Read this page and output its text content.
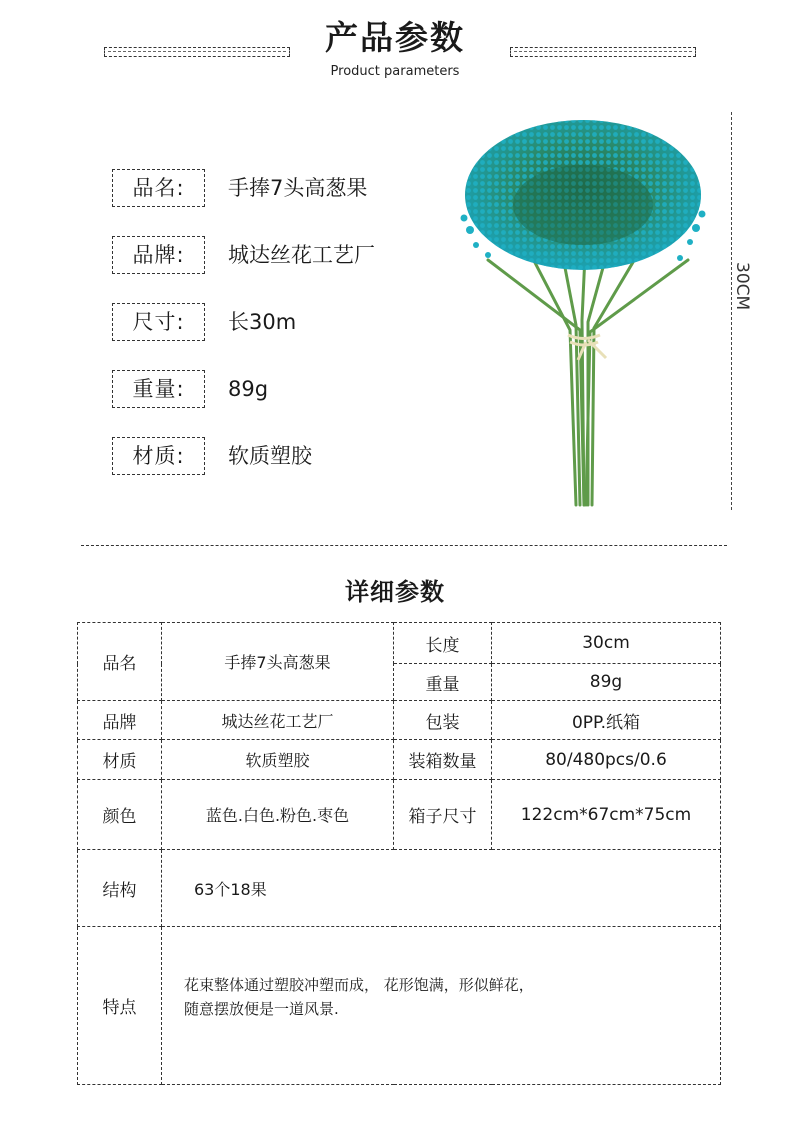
产品参数
Product parameters
品名:	手捧7头高葱果
品牌:	城达丝花工艺厂
尺寸:	长30m
重量:	89g
材质:	软质塑胶
30CM
详细参数
品名	手捧7头高葱果	长度	30cm
		重量	89g
品牌	城达丝花工艺厂	包装	0PP.纸箱
材质	软质塑胶	装箱数量	80/480pcs/0.6
颜色	蓝色.白色.粉色.枣色	箱子尺寸	122cm*67cm*75cm
结构	63个18果		
特点	花束整体通过塑胶冲塑而成， 花形饱满，形似鲜花，
随意摆放便是一道风景.		
